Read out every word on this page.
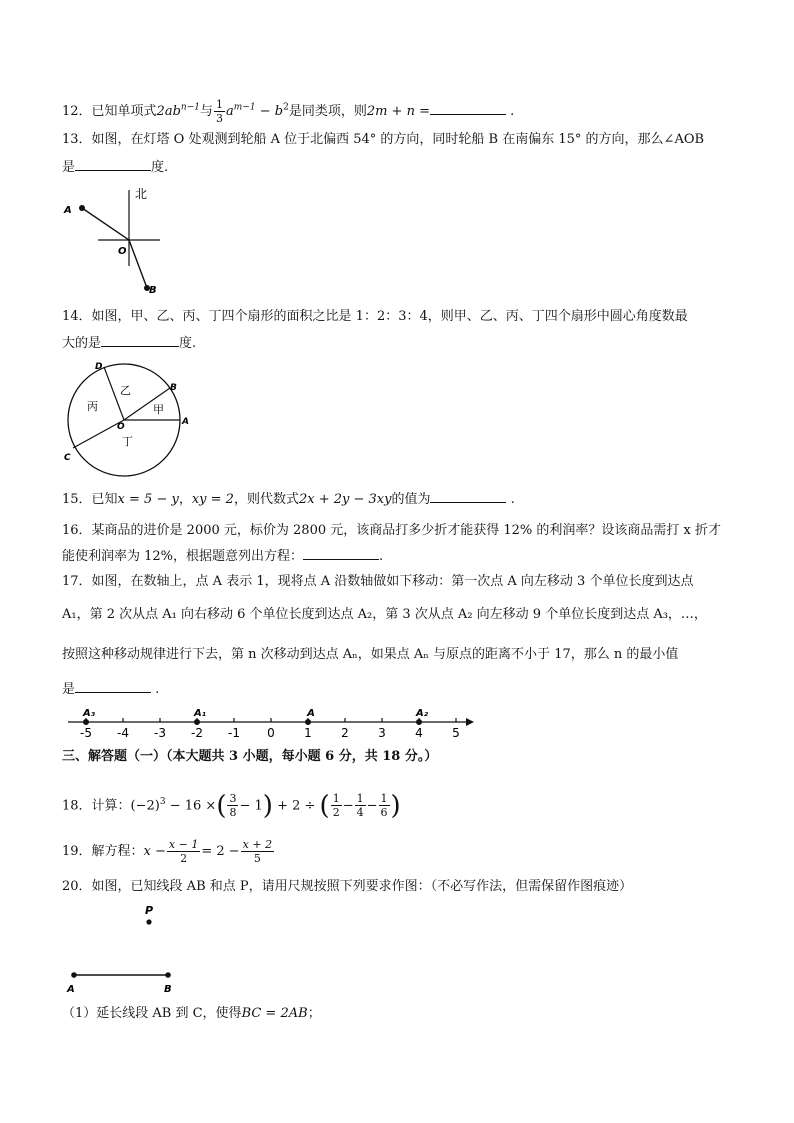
12．已知单项式$2ab^{n-1}$与 $\frac{1}{3} a^{m-1} - b^2$是同类项，则2m + n =	.
13．如图，在灯塔 O 处观测到轮船 A 位于北偏西 54° 的方向，同时轮船 B 在南偏东 15° 的方向，那么∠AOB
是	度.
北
A
O
B
14．如图，甲、乙、丙、丁四个扇形的面积之比是 1：2：3：4，则甲、乙、丙、丁四个扇形中圆心角度数最
大的是	度.
甲
乙
丙
丁
A
B
C
D
O
15．已知x = 5 − y，xy = 2，则代数式2x + 2y − 3xy的值为	.
16．某商品的进价是 2000 元，标价为 2800 元，该商品打多少折才能获得 12% 的利润率？设该商品需打 x 折才
能使利润率为 12%，根据题意列出方程：	.
17．如图，在数轴上，点 A 表示 1，现将点 A 沿数轴做如下移动：第一次点 A 向左移动 3 个单位长度到达点
A₁，第 2 次从点 A₁ 向右移动 6 个单位长度到达点 A₂，第 3 次从点 A₂ 向左移动 9 个单位长度到达点 A₃，…，
按照这种移动规律进行下去，第 n 次移动到达点 Aₙ，如果点 Aₙ 与原点的距离不小于 17，那么 n 的最小值
是	.
-5 -4 -3 -2 -1 0 1 2 3 4 5
A₃	A₁	A	A₂
三、解答题（一）（本大题共 3 小题，每小题 6 分，共 18 分。）
18．计算：$(-2)^3 - 16$ ×( $\frac{3}{8} - 1) + 2$ ÷ ( $\frac{1}{2} - \frac{1}{4} - \frac{1}{6}$ )
19．解方程：$x - \frac{x - 1}{2} = 2 - \frac{x + 2}{5}$
20．如图，已知线段 AB 和点 P，请用尺规按照下列要求作图：（不必写作法，但需保留作图痕迹）
P
A	B
（1）延长线段 AB 到 C，使得BC = 2AB；
